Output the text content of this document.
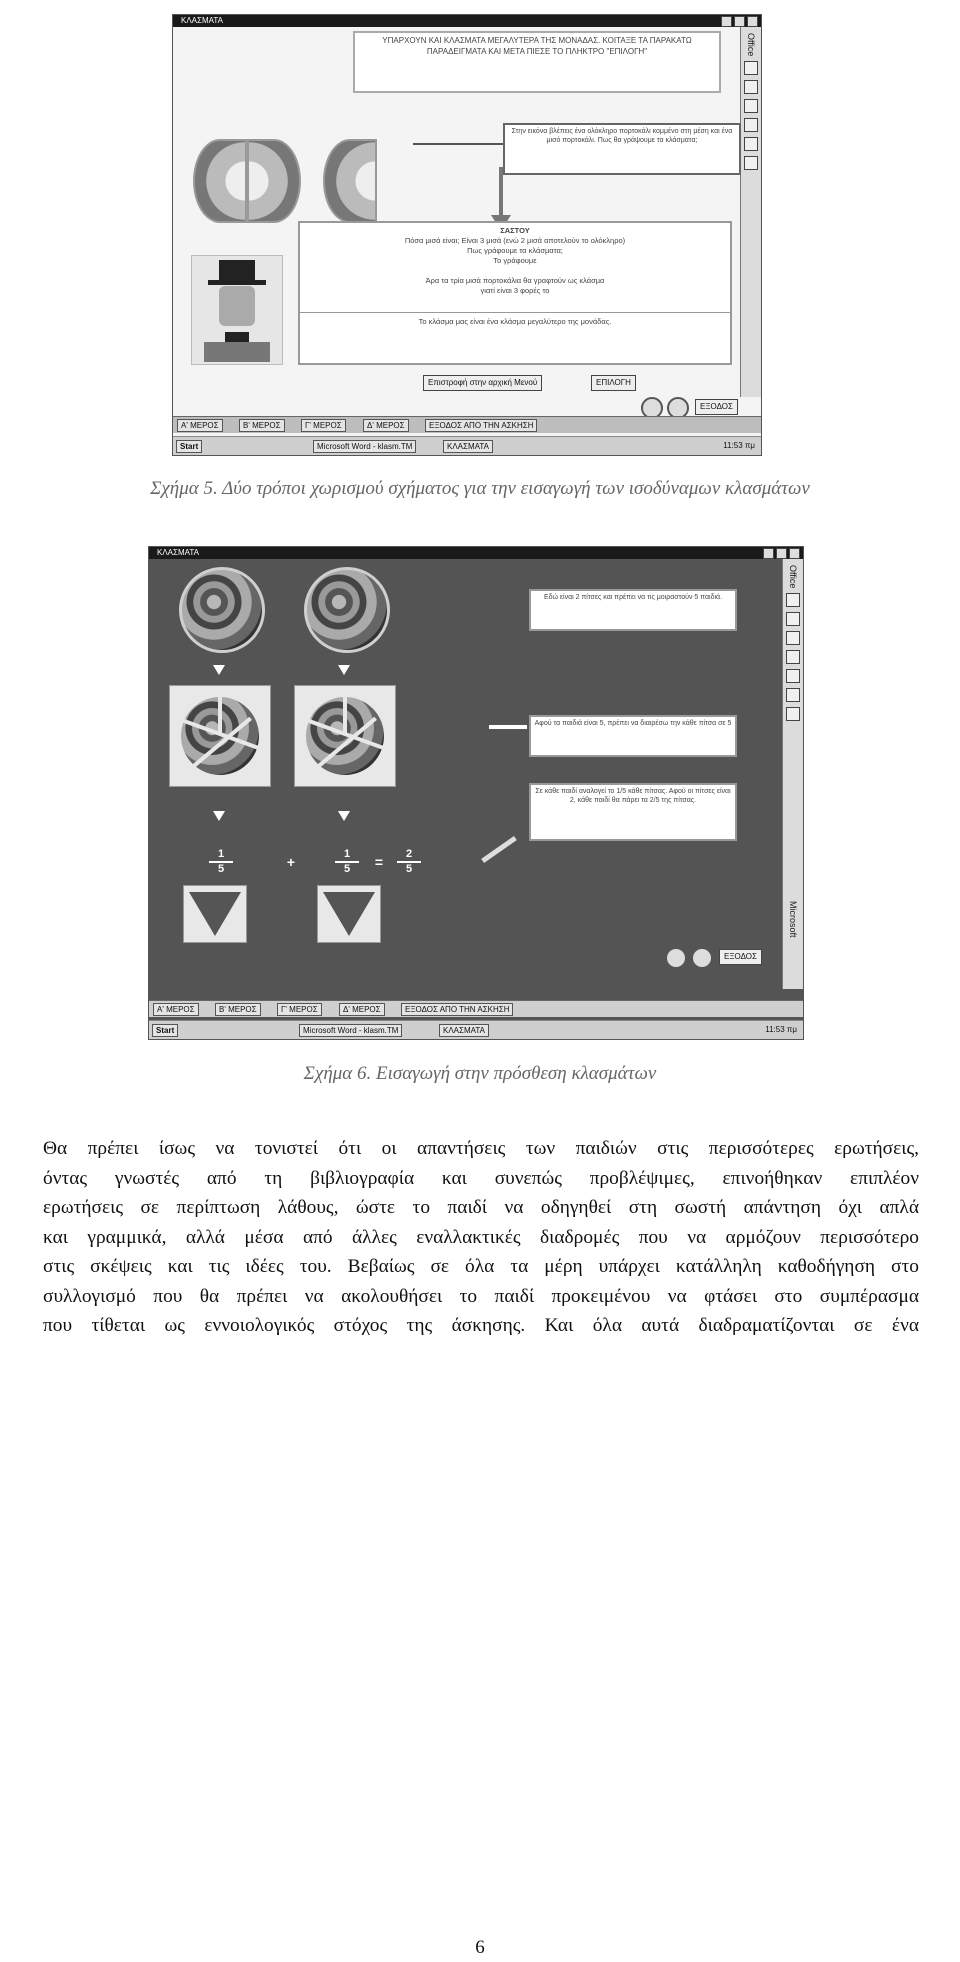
ΚΛΑΣΜΑΤΑ
Office
ΥΠΑΡΧΟΥΝ ΚΑΙ ΚΛΑΣΜΑΤΑ ΜΕΓΑΛΥΤΕΡΑ ΤΗΣ ΜΟΝΑΔΑΣ. ΚΟΙΤΑΞΕ ΤΑ ΠΑΡΑΚΑΤΩ ΠΑΡΑΔΕΙΓΜΑΤΑ ΚΑΙ ΜΕΤΑ ΠΙΕΣΕ ΤΟ ΠΛΗΚΤΡΟ "ΕΠΙΛΟΓΗ"
Στην εικόνα βλέπεις ένα ολόκληρο πορτοκάλι κομμένο στη μέση και ένα μισό πορτοκάλι. Πως θα γράψουμε τα κλάσματα;
ΣΑΣΤΟΥ
Πόσα μισά είναι; Είναι 3 μισά (ενώ 2 μισά αποτελούν το ολόκληρο)
Πως γράφουμε τα κλάσματα;
Το γράφουμε
Άρα τα τρία μισά πορτοκάλια θα γραφτούν ως κλάσμα
γιατί είναι 3 φορές το
Το κλάσμα μας είναι ένα κλάσμα μεγαλύτερο της μονάδας.
Επιστροφή στην αρχική Μενού	ΕΠΙΛΟΓΗ
ΕΞΟΔΟΣ
Α' ΜΕΡΟΣ	Β' ΜΕΡΟΣ	Γ' ΜΕΡΟΣ	Δ' ΜΕΡΟΣ	ΕΞΟΔΟΣ ΑΠΟ ΤΗΝ ΑΣΚΗΣΗ
Start	Microsoft Word - klasm.TM	ΚΛΑΣΜΑΤΑ	11:53 πμ
Σχήμα 5. Δύο τρόποι χωρισμού σχήματος για την εισαγωγή των ισοδύναμων κλασμάτων
ΚΛΑΣΜΑΤΑ
Office
Microsoft
1
5	+	1
5	=	2
5
Εδώ είναι 2 πίτσες και πρέπει να τις μοιραστούν 5 παιδιά.
Αφού τα παιδιά είναι 5, πρέπει να διαιρέσω την κάθε πίτσα σε 5
Σε κάθε παιδί αναλογεί το 1/5 κάθε πίτσας. Αφού οι πίτσες είναι 2, κάθε παιδί θα πάρει τα 2/5 της πίτσας.
ΕΞΟΔΟΣ
Α' ΜΕΡΟΣ	Β' ΜΕΡΟΣ	Γ' ΜΕΡΟΣ	Δ' ΜΕΡΟΣ	ΕΞΟΔΟΣ ΑΠΟ ΤΗΝ ΑΣΚΗΣΗ
Start	Microsoft Word - klasm.TM	ΚΛΑΣΜΑΤΑ	11:53 πμ
Σχήμα 6. Εισαγωγή στην πρόσθεση κλασμάτων
Θα πρέπει ίσως να τονιστεί ότι οι απαντήσεις των παιδιών στις περισσότερες ερωτήσεις,
όντας γνωστές από τη βιβλιογραφία και συνεπώς προβλέψιμες, επινοήθηκαν επιπλέον
ερωτήσεις σε περίπτωση λάθους, ώστε το παιδί να οδηγηθεί στη σωστή απάντηση όχι απλά
και γραμμικά, αλλά μέσα από άλλες εναλλακτικές διαδρομές που να αρμόζουν περισσότερο
στις σκέψεις και τις ιδέες του. Βεβαίως σε όλα τα μέρη υπάρχει κατάλληλη καθοδήγηση στο
συλλογισμό που θα πρέπει να ακολουθήσει το παιδί προκειμένου να φτάσει στο συμπέρασμα
που τίθεται ως εννοιολογικός στόχος της άσκησης. Και όλα αυτά διαδραματίζονται σε ένα
6
